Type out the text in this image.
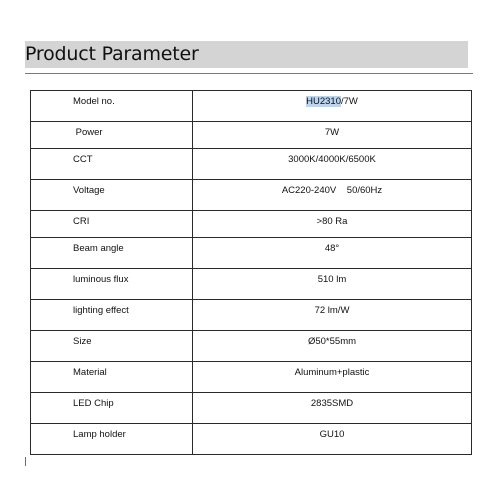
Product Parameter
Model no.	HU2310/7W
Power	7W
CCT	3000K/4000K/6500K
Voltage	AC220-240V    50/60Hz
CRI	>80 Ra
Beam angle	48°
luminous flux	510 lm
lighting effect	72 lm/W
Size	Ø50*55mm
Material	Aluminum+plastic
LED Chip	2835SMD
Lamp holder	GU10
